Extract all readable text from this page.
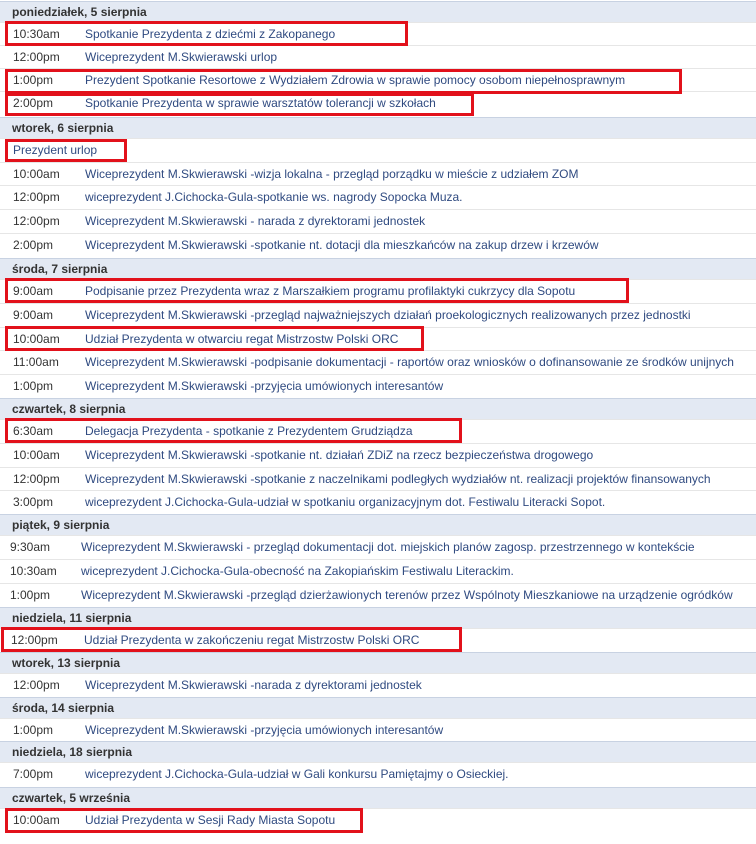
poniedziałek, 5 sierpnia
10:30am Spotkanie Prezydenta z dziećmi z Zakopanego
12:00pm Wiceprezydent M.Skwierawski urlop
1:00pm	Prezydent Spotkanie Resortowe z Wydziałem Zdrowia w sprawie pomocy osobom niepełnosprawnym
2:00pm	Spotkanie Prezydenta w sprawie warsztatów tolerancji w szkołach
wtorek, 6 sierpnia
Prezydent urlop
10:00am Wiceprezydent M.Skwierawski -wizja lokalna - przegląd porządku w mieście z udziałem ZOM
12:00pm wiceprezydent J.Cichocka-Gula-spotkanie ws. nagrody Sopocka Muza.
12:00pm Wiceprezydent M.Skwierawski - narada z dyrektorami jednostek
2:00pm	Wiceprezydent M.Skwierawski -spotkanie nt. dotacji dla mieszkańców na zakup drzew i krzewów
środa, 7 sierpnia
9:00am	Podpisanie przez Prezydenta wraz z Marszałkiem programu profilaktyki cukrzycy dla Sopotu
9:00am	Wiceprezydent M.Skwierawski -przegląd najważniejszych działań proekologicznych realizowanych przez jednostki
10:00am Udział Prezydenta w otwarciu regat Mistrzostw Polski ORC
11:00am Wiceprezydent M.Skwierawski -podpisanie dokumentacji - raportów oraz wniosków o dofinansowanie ze środków unijnych
1:00pm	Wiceprezydent M.Skwierawski -przyjęcia umówionych interesantów
czwartek, 8 sierpnia
6:30am	Delegacja Prezydenta - spotkanie z Prezydentem Grudziądza
10:00am Wiceprezydent M.Skwierawski -spotkanie nt. działań ZDiZ na rzecz bezpieczeństwa drogowego
12:00pm Wiceprezydent M.Skwierawski -spotkanie z naczelnikami podległych wydziałów nt. realizacji projektów finansowanych
3:00pm	wiceprezydent J.Cichocka-Gula-udział w spotkaniu organizacyjnym dot. Festiwalu Literacki Sopot.
piątek, 9 sierpnia
9:30am	Wiceprezydent M.Skwierawski - przegląd dokumentacji dot. miejskich planów zagosp. przestrzennego w kontekście
10:30am wiceprezydent J.Cichocka-Gula-obecność na Zakopiańskim Festiwalu Literackim.
1:00pm	Wiceprezydent M.Skwierawski -przegląd dzierżawionych terenów przez Wspólnoty Mieszkaniowe na urządzenie ogródków
niedziela, 11 sierpnia
12:00pm Udział Prezydenta w zakończeniu regat Mistrzostw Polski ORC
wtorek, 13 sierpnia
12:00pm Wiceprezydent M.Skwierawski -narada z dyrektorami jednostek
środa, 14 sierpnia
1:00pm	Wiceprezydent M.Skwierawski -przyjęcia umówionych interesantów
niedziela, 18 sierpnia
7:00pm	wiceprezydent J.Cichocka-Gula-udział w Gali konkursu Pamiętajmy o Osieckiej.
czwartek, 5 września
10:00am Udział Prezydenta w Sesji Rady Miasta Sopotu
